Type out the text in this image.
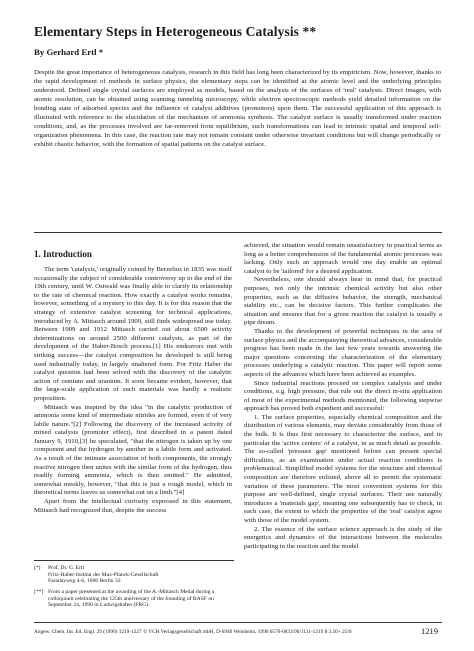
Elementary Steps in Heterogeneous Catalysis **
By Gerhard Ertl *
Despite the great importance of heterogeneous catalysis, research in this field has long been characterized by its empiricism. Now, however, thanks to the rapid development of methods in surface physics, the elementary steps can be identified at the atomic level and the underlying principles understood. Defined single crystal surfaces are employed as models, based on the analysis of the surfaces of 'real' catalysts. Direct images, with atomic resolution, can be obtained using scanning tunneling microscopy, while electron spectroscopic methods yield detailed information on the bonding state of adsorbed species and the influence of catalyst additives (promotors) upon them. The successful application of this approach is illustrated with reference to the elucidation of the mechanism of ammonia synthesis. The catalyst surface is usually transformed under reaction conditions, and, as the processes involved are far-removed from equilibrium, such transformations can lead to intrinsic spatial and temporal self-organization phenomena. In this case, the reaction rate may not remain constant under otherwise invariant conditions but will change periodically or exhibit chaotic behavior, with the formation of spatial patterns on the catalyst surface.
1. Introduction

The term 'catalysis,' originally coined by Berzelius in 1835 was itself occasionally the subject of considerable controversy up to the end of the 19th century, until W. Ostwald was finally able to clarify its relationship to the rate of chemical reaction. How exactly a catalyst works remains, however, something of a mystery to this day. It is for this reason that the strategy of extensive catalyst screening for technical applications, introduced by A. Mittasch around 1909, still finds widespread use today. Between 1909 and 1912 Mittasch carried out about 6500 activity determinations on around 2500 different catalysts, as part of the development of the Haber-Bosch process.[1] His endeavors met with striking success—the catalyst composition he developed is still being used industrially today, in largely unaltered form. For Fritz Haber the catalyst question had been solved with the discovery of the catalytic action of osmium and uranium. It soon became evident, however, that the large-scale application of such materials was hardly a realistic proposition.

Mittasch was inspired by the idea "in the catalytic production of ammonia some kind of intermediate nitrides are formed, even if of very labile nature."[2] Following the discovery of the increased activity of mixed catalysts (promoter effect), first described in a patent dated January 9, 1910,[3] he speculated, "that the nitrogen is taken up by one component and the hydrogen by another in a labile form and activated. As a result of the intimate association of both components, the strongly reactive nitrogen then unites with the similar form of the hydrogen, thus readily forming ammonia, which is then emitted." He admitted, somewhat meekly, however, "that this is just a rough model, which in theoretical terms leaves us somewhat out on a limb."[4]

Apart from the intellectual curiosity expressed in this statement, Mittasch had recognized that, despite the success

achieved, the situation would remain unsatisfactory in practical terms as long as a better comprehension of the fundamental atomic processes was lacking. Only such an approach would one day enable an optimal catalyst to be 'tailored' for a desired application.

Nevertheless, one should always bear in mind that, for practical purposes, not only the intrinsic chemical activity but also other properties, such as the diffusive behavior, the strength, mechanical stability etc., can be decisive factors. This further complicates the situation and ensures that for a given reaction the catalyst is usually a pipe dream.

Thanks to the development of powerful techniques in the area of surface physics and the accompanying theoretical advances, considerable progress has been made in the last few years towards answering the major questions concerning the characterization of the elementary processes underlying a catalytic reaction. This paper will report some aspects of the advances which have been achieved as examples.

Since industrial reactions proceed on complex catalysts and under conditions, e.g. high pressure, that rule out the direct in-situ application of most of the experimental methods mentioned, the following stepwise approach has proved both expedient and successful:

1. The surface properties, especially chemical composition and the distribution of various elements, may deviate considerably from those of the bulk. It is thus first necessary to characterize the surface, and in particular the 'active centers' of a catalyst, in as much detail as possible. The so-called 'pressure gap' mentioned before can present special difficulties, as an examination under actual reaction conditions is problematical. Simplified model systems for the structure and chemical composition are therefore enlisted, above all to permit the systematic variation of these parameters. The most convenient systems for this purpose are well-defined, single crystal surfaces. Their use naturally introduces a 'materials gap', meaning one subsequently has to check, in each case, the extent to which the properties of the 'real' catalyst agree with those of the model system.

2. The essence of the surface science approach is the study of the energetics and dynamics of the interactions between the molecules participating in the reaction and the model

[*] Prof. Dr. G. Ertl
Fritz-Haber-Institut der Max-Planck-Gesellschaft
Faradayweg 4-6, 1000 Berlin 33
[**] From a paper presented at the awarding of the A.-Mittasch Medal during a colloquium celebrating the 125th anniversary of the founding of BASF on September 24, 1990 in Ludwigshafen (FRG).
Angew. Chem. Int. Ed. Engl. 29 (1990) 1219-1227 © VCH Verlagsgesellschaft mbH, D-6940 Weinheim, 1990 0570-0833/90/1111-1219 $ 3.50+.25/0	1219
